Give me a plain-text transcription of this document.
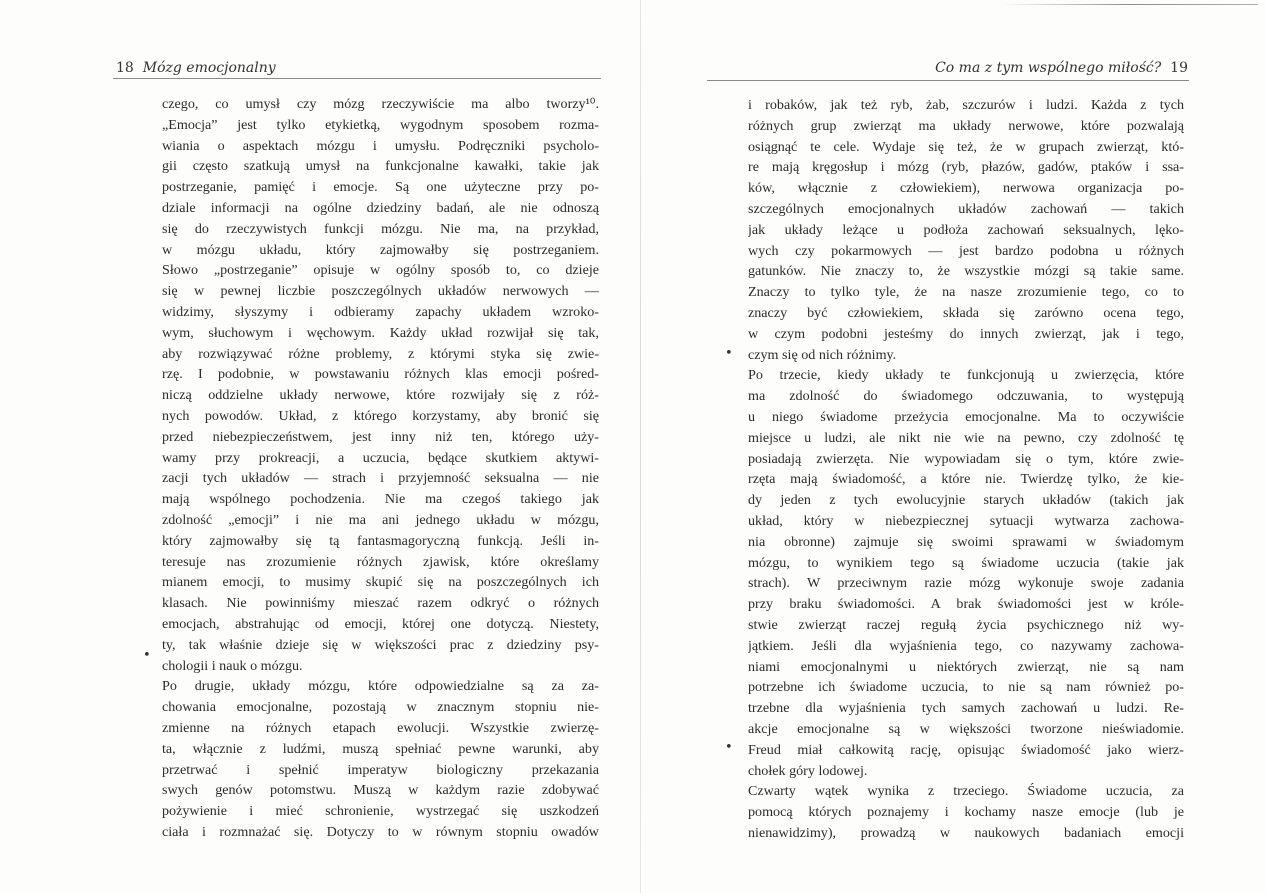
18 Mózg emocjonalny
•
czego, co umysł czy mózg rzeczywiście ma albo tworzy¹⁰.
„Emocja” jest tylko etykietką, wygodnym sposobem rozma-
wiania o aspektach mózgu i umysłu. Podręczniki psycholo-
gii często szatkują umysł na funkcjonalne kawałki, takie jak
postrzeganie, pamięć i emocje. Są one użyteczne przy po-
dziale informacji na ogólne dziedziny badań, ale nie odnoszą
się do rzeczywistych funkcji mózgu. Nie ma, na przykład,
w mózgu układu, który zajmowałby się postrzeganiem.
Słowo „postrzeganie” opisuje w ogólny sposób to, co dzieje
się w pewnej liczbie poszczególnych układów nerwowych —
widzimy, słyszymy i odbieramy zapachy układem wzroko-
wym, słuchowym i węchowym. Każdy układ rozwijał się tak,
aby rozwiązywać różne problemy, z którymi styka się zwie-
rzę. I podobnie, w powstawaniu różnych klas emocji pośred-
niczą oddzielne układy nerwowe, które rozwijały się z róż-
nych powodów. Układ, z którego korzystamy, aby bronić się
przed niebezpieczeństwem, jest inny niż ten, którego uży-
wamy przy prokreacji, a uczucia, będące skutkiem aktywi-
zacji tych układów — strach i przyjemność seksualna — nie
mają wspólnego pochodzenia. Nie ma czegoś takiego jak
zdolność „emocji” i nie ma ani jednego układu w mózgu,
który zajmowałby się tą fantasmagoryczną funkcją. Jeśli in-
teresuje nas zrozumienie różnych zjawisk, które określamy
mianem emocji, to musimy skupić się na poszczególnych ich
klasach. Nie powinniśmy mieszać razem odkryć o różnych
emocjach, abstrahując od emocji, której one dotyczą. Niestety,
ty, tak właśnie dzieje się w większości prac z dziedziny psy-
chologii i nauk o mózgu.
Po drugie, układy mózgu, które odpowiedzialne są za za-
chowania emocjonalne, pozostają w znacznym stopniu nie-
zmienne na różnych etapach ewolucji. Wszystkie zwierzę-
ta, włącznie z ludźmi, muszą spełniać pewne warunki, aby
przetrwać i spełnić imperatyw biologiczny przekazania
swych genów potomstwu. Muszą w każdym razie zdobywać
pożywienie i mieć schronienie, wystrzegać się uszkodzeń
ciała i rozmnażać się. Dotyczy to w równym stopniu owadów
Co ma z tym wspólnego miłość? 19
•
•
i robaków, jak też ryb, żab, szczurów i ludzi. Każda z tych
różnych grup zwierząt ma układy nerwowe, które pozwalają
osiągnąć te cele. Wydaje się też, że w grupach zwierząt, któ-
re mają kręgosłup i mózg (ryb, płazów, gadów, ptaków i ssa-
ków, włącznie z człowiekiem), nerwowa organizacja po-
szczególnych emocjonalnych układów zachowań — takich
jak układy leżące u podłoża zachowań seksualnych, lęko-
wych czy pokarmowych — jest bardzo podobna u różnych
gatunków. Nie znaczy to, że wszystkie mózgi są takie same.
Znaczy to tylko tyle, że na nasze zrozumienie tego, co to
znaczy być człowiekiem, składa się zarówno ocena tego,
w czym podobni jesteśmy do innych zwierząt, jak i tego,
czym się od nich różnimy.
Po trzecie, kiedy układy te funkcjonują u zwierzęcia, które
ma zdolność do świadomego odczuwania, to występują
u niego świadome przeżycia emocjonalne. Ma to oczywiście
miejsce u ludzi, ale nikt nie wie na pewno, czy zdolność tę
posiadają zwierzęta. Nie wypowiadam się o tym, które zwie-
rzęta mają świadomość, a które nie. Twierdzę tylko, że kie-
dy jeden z tych ewolucyjnie starych układów (takich jak
układ, który w niebezpiecznej sytuacji wytwarza zachowa-
nia obronne) zajmuje się swoimi sprawami w świadomym
mózgu, to wynikiem tego są świadome uczucia (takie jak
strach). W przeciwnym razie mózg wykonuje swoje zadania
przy braku świadomości. A brak świadomości jest w króle-
stwie zwierząt raczej regułą życia psychicznego niż wy-
jątkiem. Jeśli dla wyjaśnienia tego, co nazywamy zachowa-
niami emocjonalnymi u niektórych zwierząt, nie są nam
potrzebne ich świadome uczucia, to nie są nam również po-
trzebne dla wyjaśnienia tych samych zachowań u ludzi. Re-
akcje emocjonalne są w większości tworzone nieświadomie.
Freud miał całkowitą rację, opisując świadomość jako wierz-
chołek góry lodowej.
Czwarty wątek wynika z trzeciego. Świadome uczucia, za
pomocą których poznajemy i kochamy nasze emocje (lub je
nienawidzimy), prowadzą w naukowych badaniach emocji
